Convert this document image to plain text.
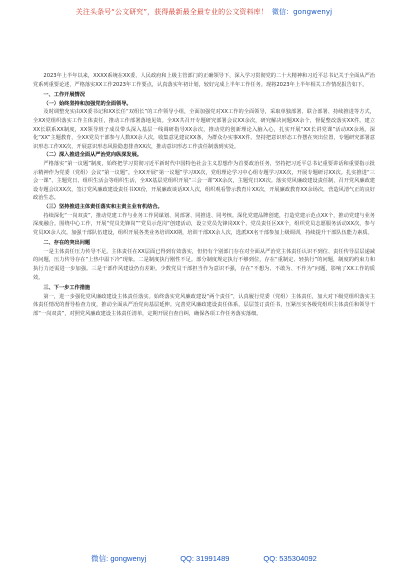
关注头条号“公文研究”，获得最新最全最专业的公文资料库！ 微信：gongwenyj

2023年上半年以来，XXXX系统在XX委、人民政府和上级主管部门的正确领导下，深入学习贯彻党的二十大精神和习近平总书记关于全面从严治党系列重要论述，严格落实XX工作2023年工作要点，认真落实年初计划，较好完成上半年工作任务。现将2023年上半年相关工作情况报告如下。

一、工作开展情况

（一）始终坚持和加强党的全面领导。

及时调整充实由XX委书记和XX长任“双组长”的工作领导小组，全面加强党对XX工作的全面领导，采取单独部署、联合部署、持续推进等方式，全XX党组织落实工作主体责任，推动工作部署落地见效。全XX共召开专题研究部署会议XX余次，研究解决问题XX余个，督促整改落实XX件。建立XX长联系XX制度，XX领导班子成员带头深入基层一线调研指导XX余次，推动党的创新理论入脑入心，扎实开展“XX长讲党课”活动XX余场。深化“XX”主题教育，全XX党员干部参与人数XX余人次，收集意见建议XX条，为群众办实事XX件。坚持把意识形态工作摆在突出位置，专题研究部署意识形态工作XX次，开展意识形态风险隐患排查XX次，推动意识形态工作责任制落到实处。

（二）深入推进全面从严治党向纵深发展。

严格落实“第一议题”制度，始终把学习贯彻习近平新时代中国特色社会主义思想作为首要政治任务，坚持把习近平总书记重要讲话和重要指示批示精神作为党委（党组）会议“第一议题”。全XX开展“第一议题”学习XX次，党组理论学习中心组专题学习XX次，开展专题研讨XX次。扎实推进“三会一课”、主题党日、组织生活会等组织生活，全XX基层党组织开展“三会一课”XX余次，主题党日XX次。落实党风廉政建设责任制，召开党风廉政建设专题会议XX次，签订党风廉政建设责任书XX份，开展廉政谈话XX人次，组织观看警示教育片XX次，开展廉政教育XX余场次，营造风清气正的良好政治生态。

（三）坚持推进主体责任落实和主责主业有机结合。

持续深化“一岗双责”，推动党建工作与业务工作同谋划、同部署、同推进、同考核。深化党建品牌创建，打造党建示范点XX个，推动党建与业务深度融合。围绕中心工作，开展“党员先锋岗”“党员示范岗”创建活动，设立党员先锋岗XX个、党员责任区XX个，组织党员志愿服务活动XX次，参与党员XX余人次。加强干部队伍建设，组织开展各类业务培训XX期，培训干部XX余人次，选派XX名干部参加上级调训，持续提升干部队伍能力素质。

二、存在的突出问题

一是主体责任压力传导不足。主体责任在XX层面已得到有效落实，但仍有个别部门存在对全面从严治党主体责任认识不到位、责任传导层层递减的问题，压力传导存在“上热中温下冷”现象。二是制度执行刚性不足。部分制度规定执行不够到位，存在“重制定、轻执行”的问题，制度的约束力和执行力还需进一步加强。三是干部作风建设仍有差距。少数党员干部担当作为意识不强，存在“不想为、不敢为、不作为”问题，影响了XX工作的质效。

三、下一步工作措施

第一，进一步强化党风廉政建设主体责任落实。始终落实党风廉政建设“两个责任”，认真履行党委（党组）主体责任，加大对下级党组织落实主体责任情况的督导检查力度，推动全面从严治党向基层延伸。完善党风廉政建设责任体系，层层签订责任书，压紧压实各级党组织主体责任和领导干部“一岗双责”，对照党风廉政建设主体责任清单，定期开展自查自纠，确保各项工作任务落实落细。

微信: gongwenyj	QQ: 31991489	QQ: 535304092
